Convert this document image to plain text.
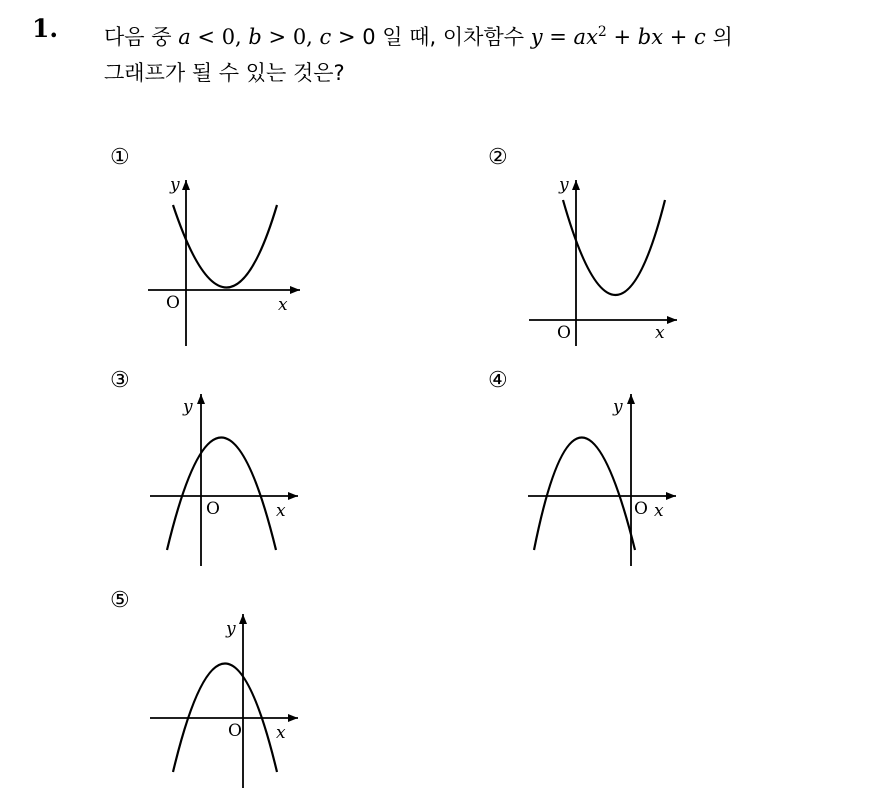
1. 다음 중 a < 0, b > 0, c > 0 일 때, 이차함수 $y = ax^2$ + bx + c 의
그래프가 될 수 있는 것은?
①
O	x
y
②
O	x
y
③
O	x
y
④
O x
y
⑤
O x
y
